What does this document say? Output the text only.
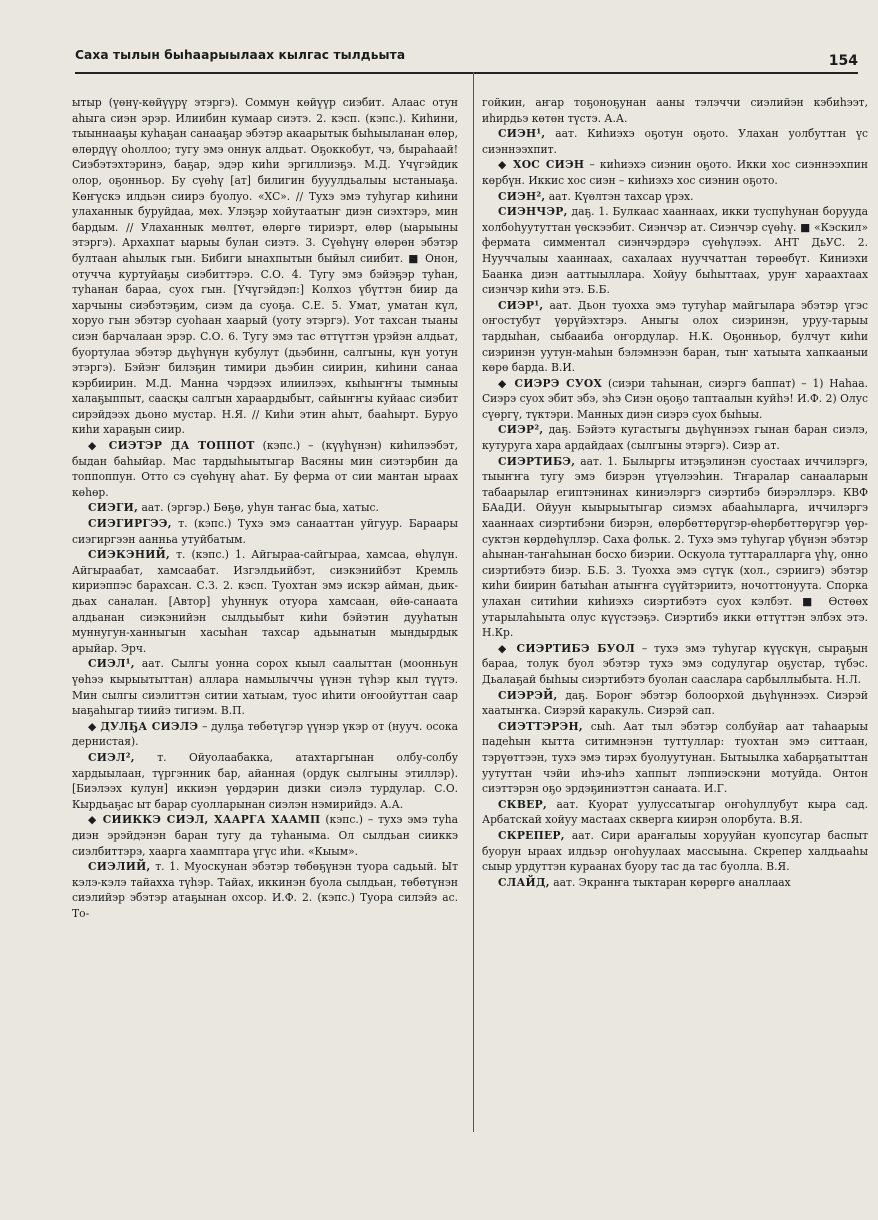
Саха тылын быһаарыылаах кылгас тылдьыта	154

ытыр (үөнү-көйүүрү этэргэ). Соммун көйүүр сиэбит. Алаас отун аһыга сиэн эрэр. Илиибин кумаар сиэтэ. 2. кэсп. (кэпс.). Киһини, тыыннааҕы куһаҕан санааҕар эбэтэр акаарытык быһыыланан өлөр, өлөрдүү оһоллоо; тугу эмэ оннук алдьат. Оҕоккобут, чэ, быраһаай! Сиэбэтэхтэринэ, баҕар, эдэр киһи эргиллиэҕэ. М.Д. Үчүгэйдик олор, оҕонньор. Бу сүөһү [ат] билигин бууулдьалыы ыстаныаҕа. Көҥүскэ илдьэн сиирэ буолуо. «ХС». // Тухэ эмэ туһугар киһини улаханнык буруйдаа, мөх. Улэҕэр хойутаатыҥ диэн сиэхтэрэ, мин бардым. // Улаханнык мөлтөт, өлөргө тириэрт, өлөр (ыарыыны этэргэ). Архахпат ыарыы булан сиэтэ. 3. Сүөһүнү өлөрөн эбэтэр бултаан аһылык гын. Бибиги ынахпытын быйыл сиибит. ■ Онон, отучча куртуйаҕы сиэбиттэрэ. С.О. 4. Тугу эмэ бэйэҕэр туһан, туһанан бараа, суох гын. [Үчүгэйдэп:] Колхоз үбүттэн биир да харчыны сиэбэтэҕим, сиэм да суоҕа. С.Е. 5. Умат, уматан күл, хоруо гын эбэтэр суоһаан хаарый (уоту этэргэ). Уот тахсан тыаны сиэн барчалаан эрэр. С.О. 6. Тугу эмэ тас өттүттэн үрэйэн алдьат, буортулаа эбэтэр дьүһүнүн кубулут (дьэбинн, салгыны, күн уотун этэргэ). Бэйэҥ билэҕин тимири дьэбин сиирин, киһини санаа кэрбиирин. М.Д. Манна чэрдээх илиилээх, кыһыҥҥы тымныы халаҕыппыт, саасқы салгын хараардыбыт, сайыҥҥы куйаас сиэбит сирэйдээх дьоно мустар. Н.Я. // Киһи этин аһыт, бааһырт. Буруо киһи хараҕын сиир.

◆ СИЭТЭР ДА ТОППОТ (кэпс.) – (күүһүнэн) киһилээбэт, быдан баһыйар. Мас тардыһыытыгар Васяны мин сиэтэрбин да топпоппун. Отто сэ сүөһүнү аһат. Бу ферма от сии мантан ыраах көһөр.

СИЭГИ, аат. (эргэр.) Бөҕө, уһун таҥас быа, хатыс.

СИЭГИРГЭЭ, т. (кэпс.) Тухэ эмэ санааттан уйгуур. Бараары сиэгиргээн аанньа утуйбатым.

СИЭКЭНИЙ, т. (кэпс.) 1. Айгыраа-сайгыраа, хамсаа, өһүлүн. Айгыраабат, хамсаабат. Изгэлдьийбэт, сиэкэнийбэт Кремль кириэппэс барахсан. С.З. 2. кэсп. Туохтан эмэ искэр айман, дьик-дьах саналан. [Автор] уһуннук отуора хамсаан, өйө-санаата алдьанан сиэкэнийэн сылдьыбыт киһи бэйэтин дууһатын муннугун-ханныгын хасыһан тахсар адьынатын мындырдык арыйар. Эрч.

СИЭЛ¹, аат. Сылгы уонна сорох кыыл саалыттан (моонньун үөһээ кырыытыттан) аллара намылыччы үүнэн түһэр кыл түүтэ. Мин сылгы сиэлиттэн ситии хатыам, туос иһити оҥоойуттан саар ыаҕаһыгар тиийэ тигиэм. В.П.

◆ ДУЛҔА СИЭЛЭ – дулҕа төбөтүгэр үүнэр үкэр от (нууч. осока дернистая).

СИЭЛ², т. Ойуолаабакка, атахтаргынан олбу-солбу хардыылаан, түргэнник бар, айанная (ордук сылгыны этиллэр). [Биэлээх кулун] иккиэн үөрдэрин дизки сиэлэ турдулар. С.О. Кырдьаҕас ыт барар суолларынан сиэлэн нэмирийдэ. А.А.

◆ СИИККЭ СИЭЛ, ХААРГА ХААМП (кэпс.) – тухэ эмэ туһа диэн эрэйдэнэн баран тугу да туһаныма. Ол сылдьан сииккэ сиэлбиттэрэ, хаарга хаамптара үгүс иһи. «Кыым».

СИЭЛИЙ, т. 1. Муоскунан эбэтэр төбөҕүнэн туора садьый. Ыт кэлэ-кэлэ тайахха түһэр. Тайах, иккинэн буола сылдьан, төбөтүнэн сиэлийэр эбэтэр атаҕынан охсор. И.Ф. 2. (кэпс.) Туора силэйэ ас. То-

гойкин, аҥар тоҕоноҕунан ааны тэлэччи сиэлийэн кэбиһээт, иһирдьэ көтөн түстэ. А.А.

СИЭН¹, аат. Киһиэхэ оҕотун оҕото. Улахан уолбуттан үс сиэннээхпит.

◆ ХОС СИЭН – киһиэхэ сиэнин оҕото. Икки хос сиэннээхпин көрбүн. Иккис хос сиэн – киһиэхэ хос сиэнин оҕото.

СИЭН², аат. Күөлтэн тахсар үрэх.

СИЭНЧЭР, даҕ. 1. Булкаас хааннаах, икки туспуһунан борууда холбоһуутуттан үөскээбит. Сиэнчэр ат. Сиэнчэр сүөһү. ■ «Кэскил» фермата симментал сиэнчэрдэрэ сүөһүлээх. АНТ ДьУС. 2. Нууччалыы хааннаах, сахалаах нууччаттан төрөөбүт. Киниэхи Баанка диэн ааттыыллара. Хойуу быһыттаах, уруҥ хараахтаах сиэнчэр киһи этэ. Б.Б.

СИЭР¹, аат. Дьон туохха эмэ тутуһар майгылара эбэтэр үгэс оҥостубут үөрүйэхтэрэ. Аныгы олох сиэринэн, уруу-тарыы тардыһан, сыбааиба оҥордулар. Н.К. Оҕонньор, булчут киһи сиэринэн уутун-маһын бэлэмнээн баран, тыҥ хатыыта хапкааныи көрө барда. В.И.

◆ СИЭРЭ СУОХ (сиэри таһынан, сиэргэ баппат) – 1) Наһаа. Сиэрэ суох эбит эбэ, эһэ Сиэн оҕоҕо таптаалын куйһэ! И.Ф. 2) Олус сүөргү, түктэри. Манных диэн сиэрэ суох быһыы.

СИЭР², даҕ. Бэйэтэ кугастыгы дьүһүннээх гынан баран сиэлэ, кутуруга хара ардайдаах (сылгыны этэргэ). Сиэр ат.

СИЭРТИБЭ, аат. 1. Былыргы итэҕэлинэн суостаах иччилэргэ, тыыҥҥа тугу эмэ биэрэн үтүөлээһин. Тҥаралар санааларын табаарылар египтэнинах киниэлэргэ сиэртибэ биэрэллэрэ. КВФ БАаДИ. Ойуун кыырыытыгар сиэмэх абааһыларга, иччилэргэ хааннаах сиэртибэни биэрэн, өлөрбөттөрүгэр-өһөрбөттөрүгэр үөр-суктэн көрдөһүллэр. Саха фольк. 2. Тухэ эмэ туһугар үбүнэн эбэтэр аһынан-таҥаһынан босхо биэрии. Оскуола туттаралларга үһү, онно сиэртибэтэ биэр. Б.Б. 3. Туохха эмэ сүтүк (хол., сэриигэ) эбэтэр киһи биирин батыһан атыҥҥа сүүйтэриитэ, ночоттонуута. Спорка улахан ситиһии киһиэхэ сиэртибэтэ суох кэлбэт. ■ Өстөөх утарылаһыыта олус күүстээҕэ. Сиэртибэ икки өттүттэн элбэх этэ. Н.Кр.

◆ СИЭРТИБЭ БУОЛ – тухэ эмэ туһугар күүскүн, сыраҕын бараа, толук буол эбэтэр тухэ эмэ содулугар оҕустар, түбэс. Дьалаҕай быһыы сиэртибэтэ буолан сааслара сарбыллыбыта. Н.Л.

СИЭРЭЙ, даҕ. Бороҥ эбэтэр болоорхой дьүһүннээх. Сиэрэй хаатыҥка. Сиэрэй каракуль. Сиэрэй сап.

СИЭТТЭРЭН, сыһ. Аат тыл эбэтэр солбуйар аат таһаарыы падеһын кытта ситимнэнэн туттуллар: туохтан эмэ ситтаан, тэрүөттээн, тухэ эмэ тирэх буолуутунан. Бытыылка хабарҕатыттан уутуттан чэйи иһэ-иһэ хаппыт лэппиэскэни мотуйда. Онтон сиэттэрэн оҕо эрдэҕиниэттэн санаата. И.Г.

СКВЕР, аат. Куорат уулуссатыгар оҥоһуллубут кыра сад. Арбатскай хойуу мастаах скверга киирэн олорбута. В.Я.

СКРЕПЕР, аат. Сири араҥалыы хорууйан куопсугар баспыт буорун ыраах илдьэр оҥоһуулаах массыына. Скрепер халдьааһы сыыр урдуттэн кураанах буору тас да тас буолла. В.Я.

СЛАЙД, аат. Экранҥа тыктаран көрөргө аналлаах
